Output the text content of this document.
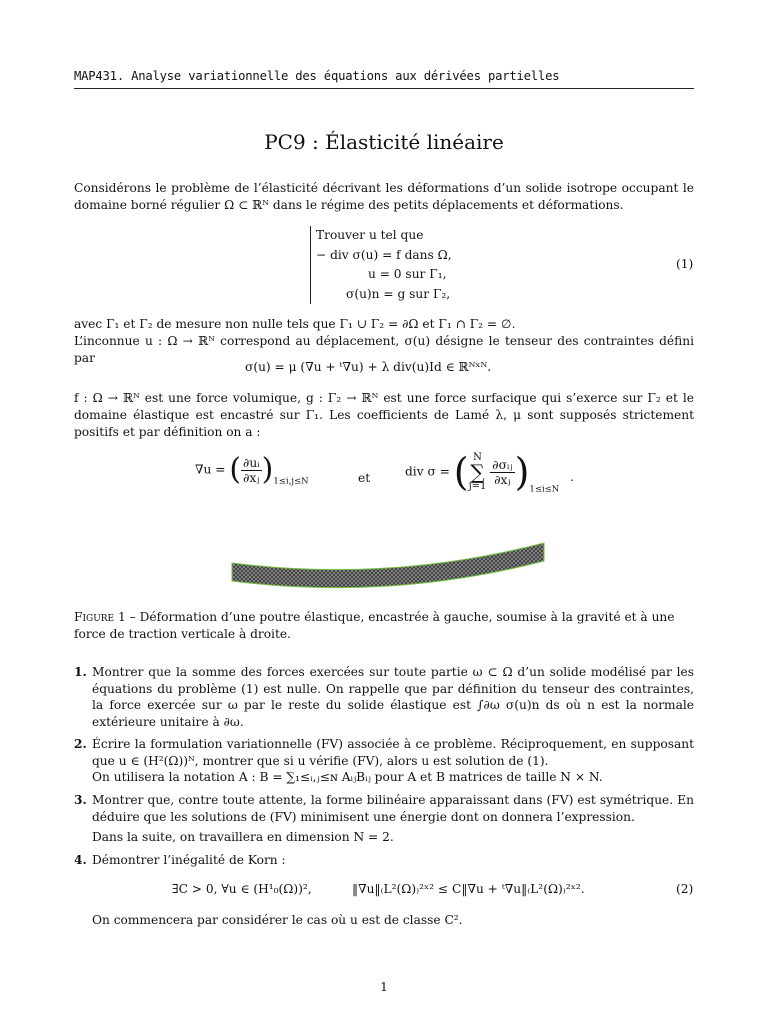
MAP431. Analyse variationnelle des équations aux dérivées partielles
PC9 : Élasticité linéaire
Considérons le problème de l’élasticité décrivant les déformations d’un solide isotrope occupant le domaine borné régulier Ω ⊂ ℝᴺ dans le régime des petits déplacements et déformations.
Trouver u tel que
− div σ(u) = f dans Ω,
u = 0 sur Γ₁,
σ(u)n = g sur Γ₂,
(1)
avec Γ₁ et Γ₂ de mesure non nulle tels que Γ₁ ∪ Γ₂ = ∂Ω et Γ₁ ∩ Γ₂ = ∅.
L’inconnue u : Ω → ℝᴺ correspond au déplacement, σ(u) désigne le tenseur des contraintes défini par
σ(u) = μ (∇u + ᵗ∇u) + λ div(u)Id ∈ ℝᴺˣᴺ.
f : Ω → ℝᴺ est une force volumique, g : Γ₂ → ℝᴺ est une force surfacique qui s’exerce sur Γ₂ et le domaine élastique est encastré sur Γ₁. Les coefficients de Lamé λ, μ sont supposés strictement positifs et par définition on a :
∇u = ( $\frac{\text{∂uᵢ}}{\text{∂xⱼ}} )_{1\le i,j\le N}$	et	div σ = ( N
∑
j=1
$\frac{\text{∂σᵢⱼ}}{\text{∂xⱼ}} )_{1\le i\le N}$
.
Figure 1 – Déformation d’une poutre élastique, encastrée à gauche, soumise à la gravité et à une force de traction verticale à droite.
1. Montrer que la somme des forces exercées sur toute partie ω ⊂ Ω d’un solide modélisé par les équations du problème (1) est nulle. On rappelle que par définition du tenseur des contraintes, la force exercée sur ω par le reste du solide élastique est ∫∂ω σ(u)n ds où n est la normale extérieure unitaire à ∂ω.
2. Écrire la formulation variationnelle (FV) associée à ce problème. Réciproquement, en supposant que u ∈ (H²(Ω))ᴺ, montrer que si u vérifie (FV), alors u est solution de (1).
On utilisera la notation A : B = ∑₁≤ᵢ,ⱼ≤ɴ AᵢⱼBᵢⱼ pour A et B matrices de taille N × N.
3. Montrer que, contre toute attente, la forme bilinéaire apparaissant dans (FV) est symétrique. En déduire que les solutions de (FV) minimisent une énergie dont on donnera l’expression.
Dans la suite, on travaillera en dimension N = 2.
4. Démontrer l’inégalité de Korn :
∃C > 0, ∀u ∈ (H¹₀(Ω))²,	‖∇u‖₍L²(Ω)₎²ˣ² ≤ C‖∇u + ᵗ∇u‖₍L²(Ω)₎²ˣ².	(2)
On commencera par considérer le cas où u est de classe C².
1
